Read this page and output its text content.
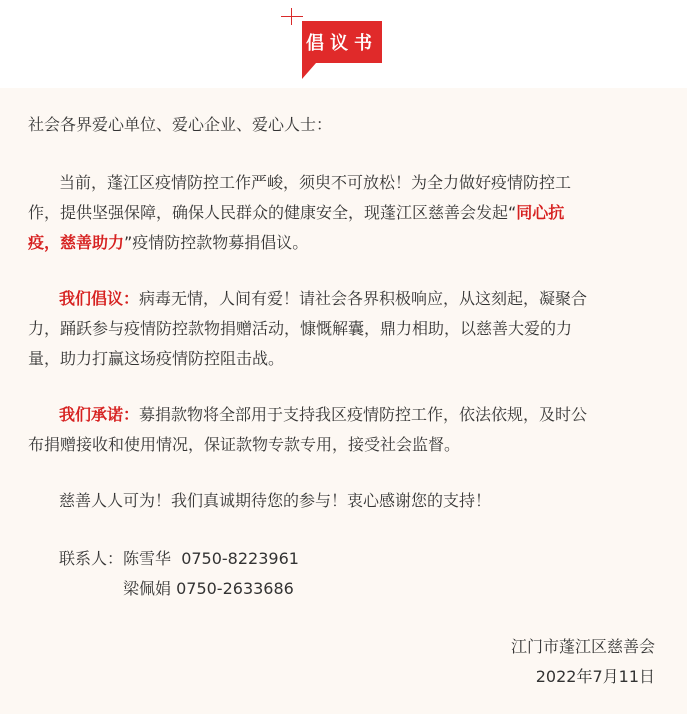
倡议书
社会各界爱心单位、爱心企业、爱心人士：
当前，蓬江区疫情防控工作严峻，须臾不可放松！为全力做好疫情防控工
作，提供坚强保障，确保人民群众的健康安全，现蓬江区慈善会发起“同心抗
疫，慈善助力”疫情防控款物募捐倡议。
我们倡议：病毒无情，人间有爱！请社会各界积极响应，从这刻起，凝聚合
力，踊跃参与疫情防控款物捐赠活动，慷慨解囊，鼎力相助，以慈善大爱的力
量，助力打赢这场疫情防控阻击战。
我们承诺：募捐款物将全部用于支持我区疫情防控工作，依法依规，及时公
布捐赠接收和使用情况，保证款物专款专用，接受社会监督。
慈善人人可为！我们真诚期待您的参与！衷心感谢您的支持！
联系人：陈雪华  0750-8223961
梁佩娟 0750-2633686
江门市蓬江区慈善会
2022年7月11日
